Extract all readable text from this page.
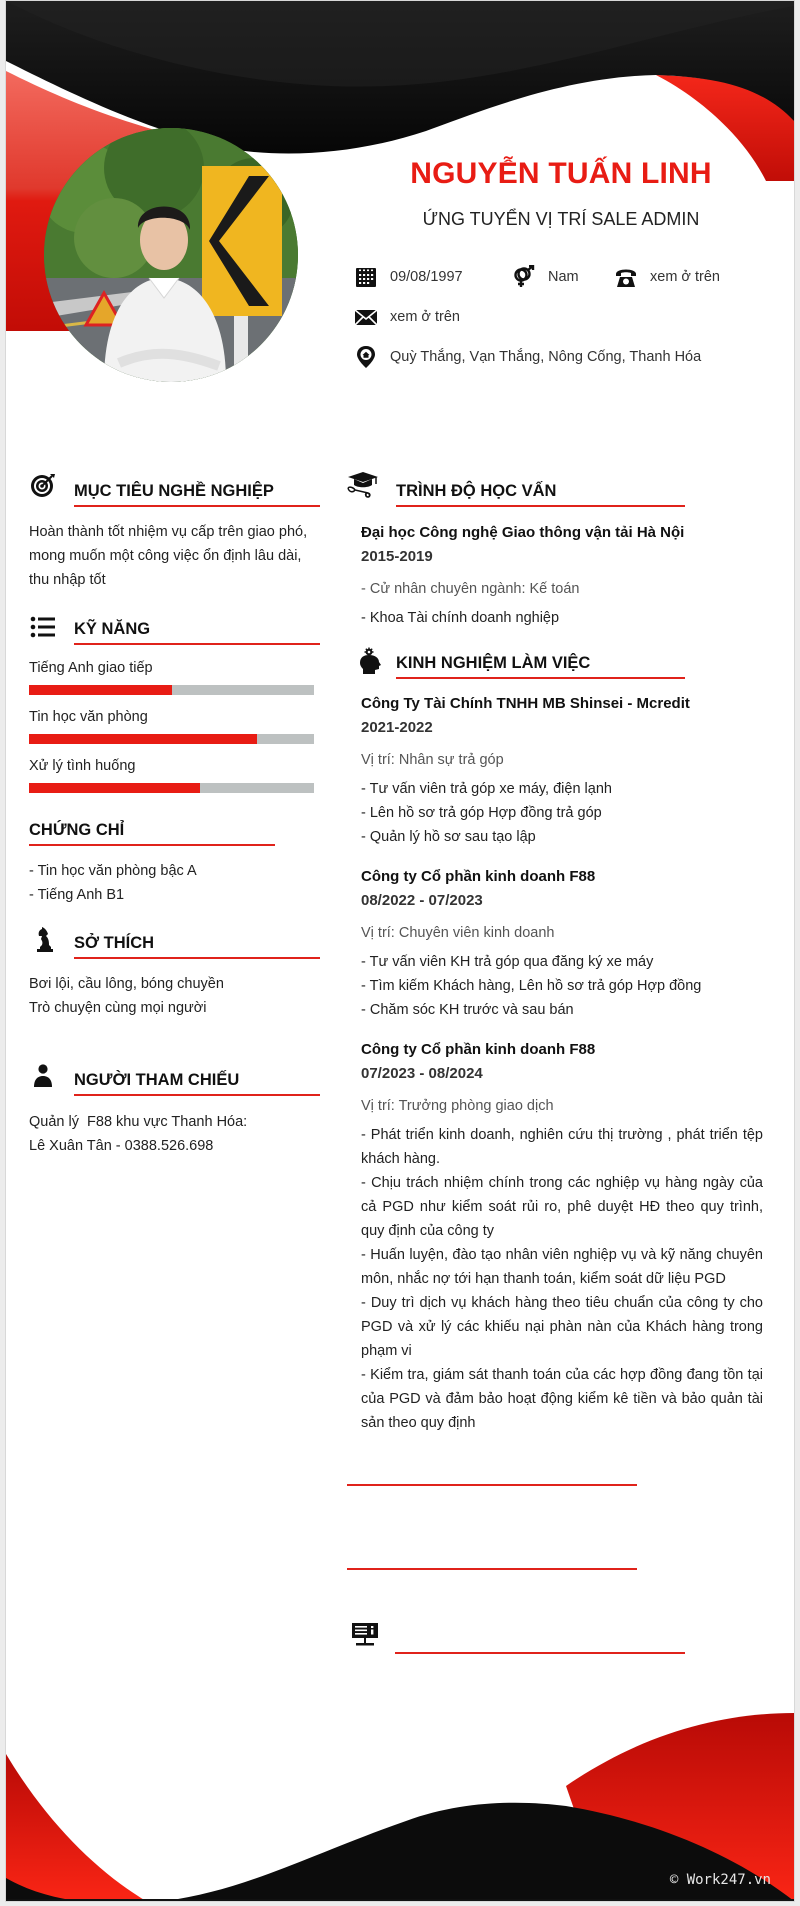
NGUYỄN TUẤN LINH
ỨNG TUYỂN VỊ TRÍ SALE ADMIN
09/08/1997	Nam	xem ở trên
xem ở trên
Quỳ Thắng, Vạn Thắng, Nông Cống, Thanh Hóa
MỤC TIÊU NGHỀ NGHIỆP
Hoàn thành tốt nhiệm vụ cấp trên giao phó,
mong muốn một công việc ổn định lâu dài,
thu nhập tốt
KỸ NĂNG
Tiếng Anh giao tiếp
Tin học văn phòng
Xử lý tình huống
CHỨNG CHỈ
- Tin học văn phòng bậc A
- Tiếng Anh B1
SỞ THÍCH
Bơi lội, cầu lông, bóng chuyền
Trò chuyện cùng mọi người
NGƯỜI THAM CHIẾU
Quản lý  F88 khu vực Thanh Hóa:
Lê Xuân Tân - 0388.526.698
TRÌNH ĐỘ HỌC VẤN
Đại học Công nghệ Giao thông vận tải Hà Nội
2015-2019
- Cử nhân chuyên ngành: Kế toán
- Khoa Tài chính doanh nghiệp
KINH NGHIỆM LÀM VIỆC
Công Ty Tài Chính TNHH MB Shinsei - Mcredit
2021-2022
Vị trí: Nhân sự trả góp
- Tư vấn viên trả góp xe máy, điện lạnh
- Lên hồ sơ trả góp Hợp đồng trả góp
- Quản lý hồ sơ sau tạo lập
Công ty Cổ phần kinh doanh F88
08/2022 - 07/2023
Vị trí: Chuyên viên kinh doanh
- Tư vấn viên KH trả góp qua đăng ký xe máy
- Tìm kiếm Khách hàng, Lên hồ sơ trả góp Hợp đồng
- Chăm sóc KH trước và sau bán
Công ty Cổ phần kinh doanh F88
07/2023 - 08/2024
Vị trí: Trưởng phòng giao dịch
- Phát triển kinh doanh, nghiên cứu thị trường , phát triển tệp khách hàng.
- Chịu trách nhiệm chính trong các nghiệp vụ hàng ngày của cả PGD như kiểm soát rủi ro, phê duyệt HĐ theo quy trình, quy định của công ty
- Huấn luyện, đào tạo nhân viên nghiệp vụ và kỹ năng chuyên môn, nhắc nợ tới hạn thanh toán, kiểm soát dữ liệu PGD
- Duy trì dịch vụ khách hàng theo tiêu chuẩn của công ty cho PGD và xử lý các khiếu nại phàn nàn của Khách hàng trong phạm vi
- Kiểm tra, giám sát thanh toán của các hợp đồng đang tồn tại của PGD và đảm bảo hoạt động kiểm kê tiền và bảo quản tài sản theo quy định
© Work247.vn
